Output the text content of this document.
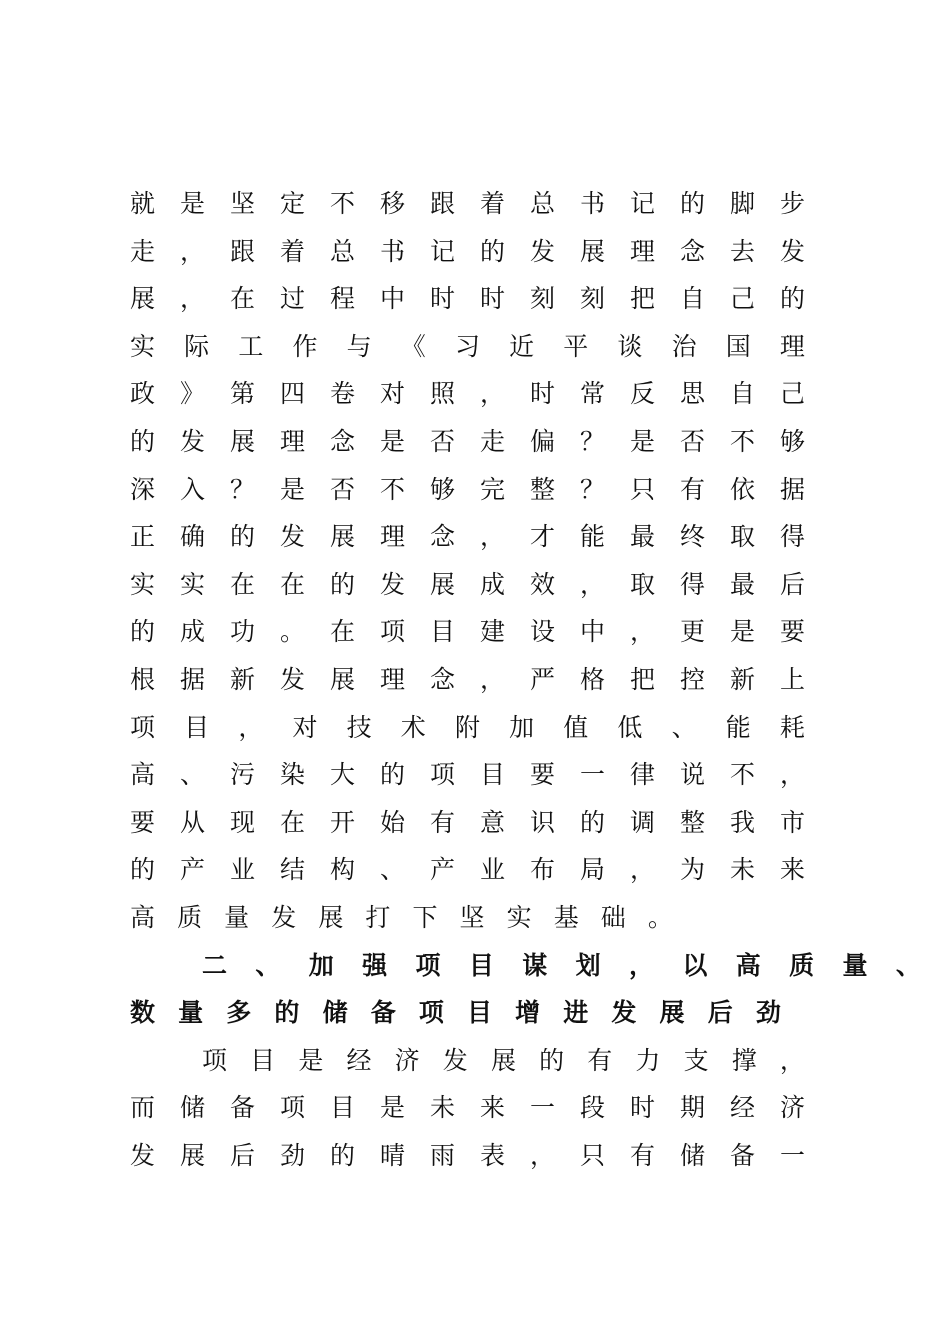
就 是 坚 定 不 移 跟 着 总 书 记 的 脚 步
走 ， 跟 着 总 书 记 的 发 展 理 念 去 发
展 ， 在 过 程 中 时 时 刻 刻 把 自 己 的
实 际 工 作 与 《 习 近 平 谈 治 国 理
政 》 第 四 卷 对 照 ， 时 常 反 思 自 己
的 发 展 理 念 是 否 走 偏 ？ 是 否 不 够
深 入 ？ 是 否 不 够 完 整 ？ 只 有 依 据
正 确 的 发 展 理 念 ， 才 能 最 终 取 得
实 实 在 在 的 发 展 成 效 ， 取 得 最 后
的 成 功 。 在 项 目 建 设 中 ， 更 是 要
根 据 新 发 展 理 念 ， 严 格 把 控 新 上
项 目 ， 对 技 术 附 加 值 低 、 能 耗
高 、 污 染 大 的 项 目 要 一 律 说 不 ，
要 从 现 在 开 始 有 意 识 的 调 整 我 市
的 产 业 结 构 、 产 业 布 局 ， 为 未 来
高 质 量 发 展 打 下 坚 实 基 础 。
二 、 加 强 项 目 谋 划 ， 以 高 质 量 、
数 量 多 的 储 备 项 目 增 进 发 展 后 劲
项 目 是 经 济 发 展 的 有 力 支 撑 ，
而 储 备 项 目 是 未 来 一 段 时 期 经 济
发 展 后 劲 的 晴 雨 表 ， 只 有 储 备 一
